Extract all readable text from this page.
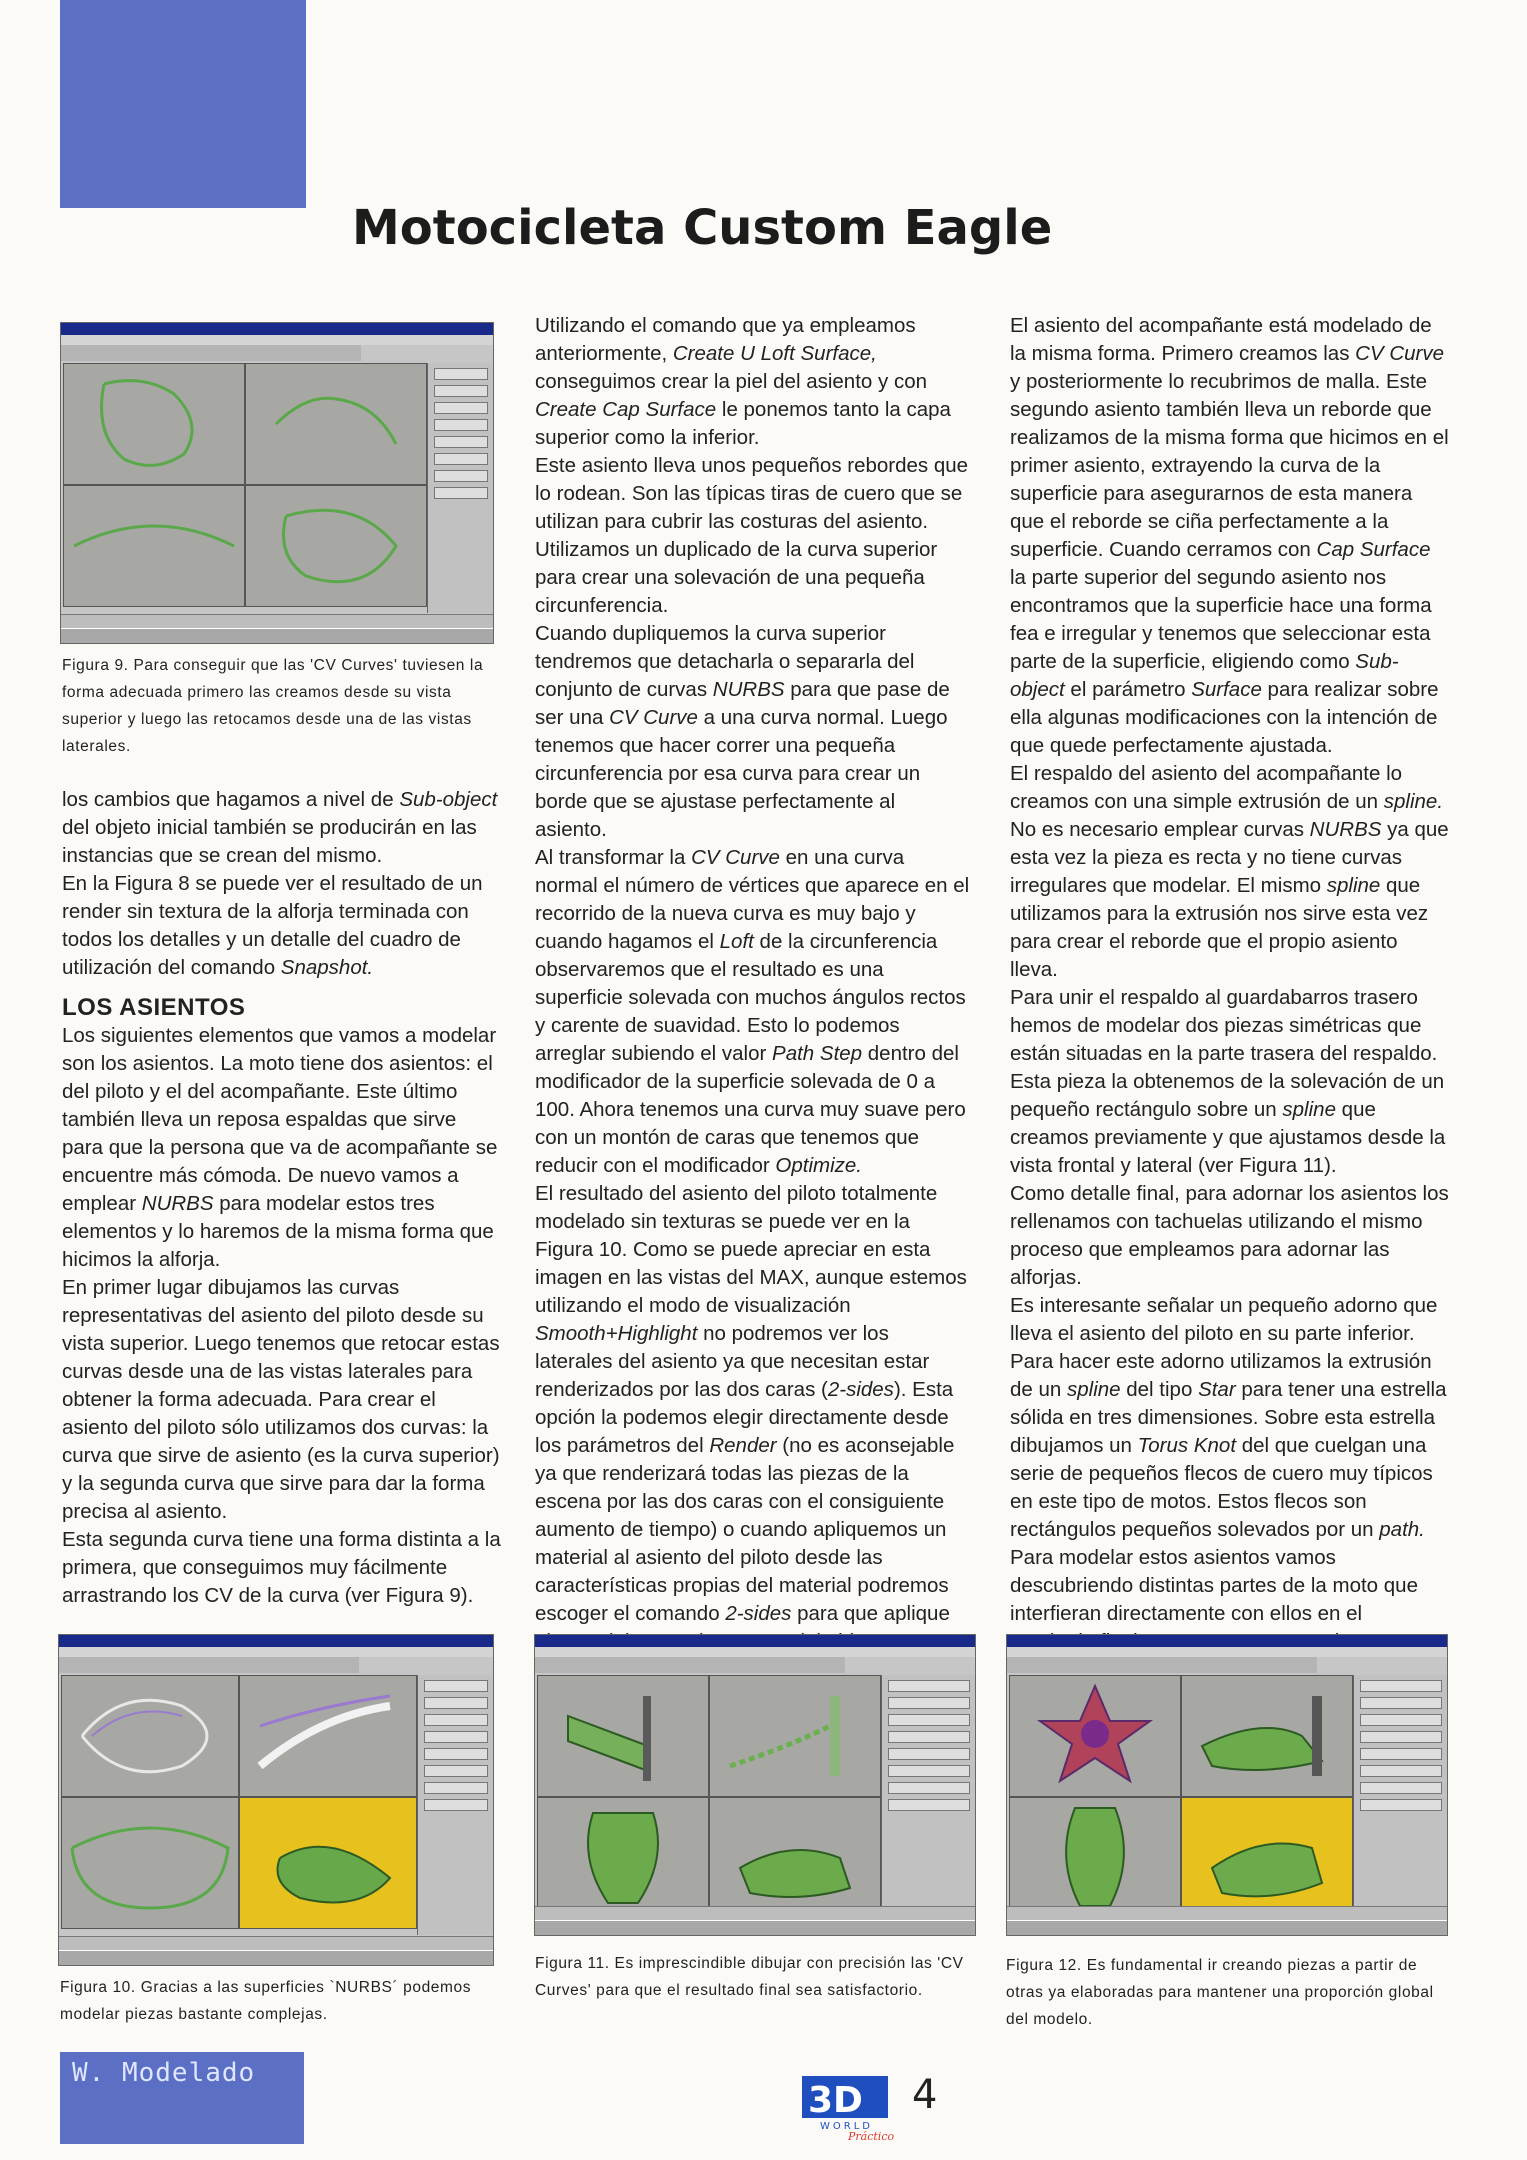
W. Modelado
Motocicleta Custom Eagle
Figura 9. Para conseguir que las 'CV Curves' tuviesen la forma adecuada primero las creamos desde su vista superior y luego las retocamos desde una de las vistas laterales.

los cambios que hagamos a nivel de Sub-object del objeto inicial también se producirán en las instancias que se crean del mismo.

En la Figura 8 se puede ver el resultado de un render sin textura de la alforja terminada con todos los detalles y un detalle del cuadro de utilización del comando Snapshot.

LOS ASIENTOS

Los siguientes elementos que vamos a modelar son los asientos. La moto tiene dos asientos: el del piloto y el del acompañante. Este último también lleva un reposa espaldas que sirve para que la persona que va de acompañante se encuentre más cómoda. De nuevo vamos a emplear NURBS para modelar estos tres elementos y lo haremos de la misma forma que hicimos la alforja.

En primer lugar dibujamos las curvas representativas del asiento del piloto desde su vista superior. Luego tenemos que retocar estas curvas desde una de las vistas laterales para obtener la forma adecuada. Para crear el asiento del piloto sólo utilizamos dos curvas: la curva que sirve de asiento (es la curva superior) y la segunda curva que sirve para dar la forma precisa al asiento.

Esta segunda curva tiene una forma distinta a la primera, que conseguimos muy fácilmente arrastrando los CV de la curva (ver Figura 9).

Utilizando el comando que ya empleamos anteriormente, Create U Loft Surface, conseguimos crear la piel del asiento y con Create Cap Surface le ponemos tanto la capa superior como la inferior.

Este asiento lleva unos pequeños rebordes que lo rodean. Son las típicas tiras de cuero que se utilizan para cubrir las costuras del asiento. Utilizamos un duplicado de la curva superior para crear una solevación de una pequeña circunferencia.

Cuando dupliquemos la curva superior tendremos que detacharla o separarla del conjunto de curvas NURBS para que pase de ser una CV Curve a una curva normal. Luego tenemos que hacer correr una pequeña circunferencia por esa curva para crear un borde que se ajustase perfectamente al asiento.

Al transformar la CV Curve en una curva normal el número de vértices que aparece en el recorrido de la nueva curva es muy bajo y cuando hagamos el Loft de la circunferencia observaremos que el resultado es una superficie solevada con muchos ángulos rectos y carente de suavidad. Esto lo podemos arreglar subiendo el valor Path Step dentro del modificador de la superficie solevada de 0 a 100. Ahora tenemos una curva muy suave pero con un montón de caras que tenemos que reducir con el modificador Optimize.

El resultado del asiento del piloto totalmente modelado sin texturas se puede ver en la Figura 10. Como se puede apreciar en esta imagen en las vistas del MAX, aunque estemos utilizando el modo de visualización Smooth+Highlight no podremos ver los laterales del asiento ya que necesitan estar renderizados por las dos caras (2-sides). Esta opción la podemos elegir directamente desde los parámetros del Render (no es aconsejable ya que renderizará todas las piezas de la escena por las dos caras con el consiguiente aumento de tiempo) o cuando apliquemos un material al asiento del piloto desde las características propias del material podremos escoger el comando 2-sides para que aplique

El asiento del acompañante está modelado de la misma forma. Primero creamos las CV Curve y posteriormente lo recubrimos de malla. Este segundo asiento también lleva un reborde que realizamos de la misma forma que hicimos en el primer asiento, extrayendo la curva de la superficie para asegurarnos de esta manera que el reborde se ciña perfectamente a la superficie. Cuando cerramos con Cap Surface la parte superior del segundo asiento nos encontramos que la superficie hace una forma fea e irregular y tenemos que seleccionar esta parte de la superficie, eligiendo como Sub-object el parámetro Surface para realizar sobre ella algunas modificaciones con la intención de que quede perfectamente ajustada.

El respaldo del asiento del acompañante lo creamos con una simple extrusión de un spline. No es necesario emplear curvas NURBS ya que esta vez la pieza es recta y no tiene curvas irregulares que modelar. El mismo spline que utilizamos para la extrusión nos sirve esta vez para crear el reborde que el propio asiento lleva.

Para unir el respaldo al guardabarros trasero hemos de modelar dos piezas simétricas que están situadas en la parte trasera del respaldo.

Esta pieza la obtenemos de la solevación de un pequeño rectángulo sobre un spline que creamos previamente y que ajustamos desde la vista frontal y lateral (ver Figura 11).

Como detalle final, para adornar los asientos los rellenamos con tachuelas utilizando el mismo proceso que empleamos para adornar las alforjas.

Es interesante señalar un pequeño adorno que lleva el asiento del piloto en su parte inferior.

Para hacer este adorno utilizamos la extrusión de un spline del tipo Star para tener una estrella sólida en tres dimensiones. Sobre esta estrella dibujamos un Torus Knot del que cuelgan una serie de pequeños flecos de cuero muy típicos en este tipo de motos. Estos flecos son rectángulos pequeños solevados por un path.

Para modelar estos asientos vamos descubriendo distintas partes de la moto que interfieran directamente con ellos en el

Figura 10. Gracias a las superficies `NURBS´ podemos modelar piezas bastante complejas.
Figura 11. Es imprescindible dibujar con precisión las 'CV Curves' para que el resultado final sea satisfactorio.
Figura 12. Es fundamental ir creando piezas a partir de otras ya elaboradas para mantener una proporción global del modelo.
3D
WORLD
Práctico
4
